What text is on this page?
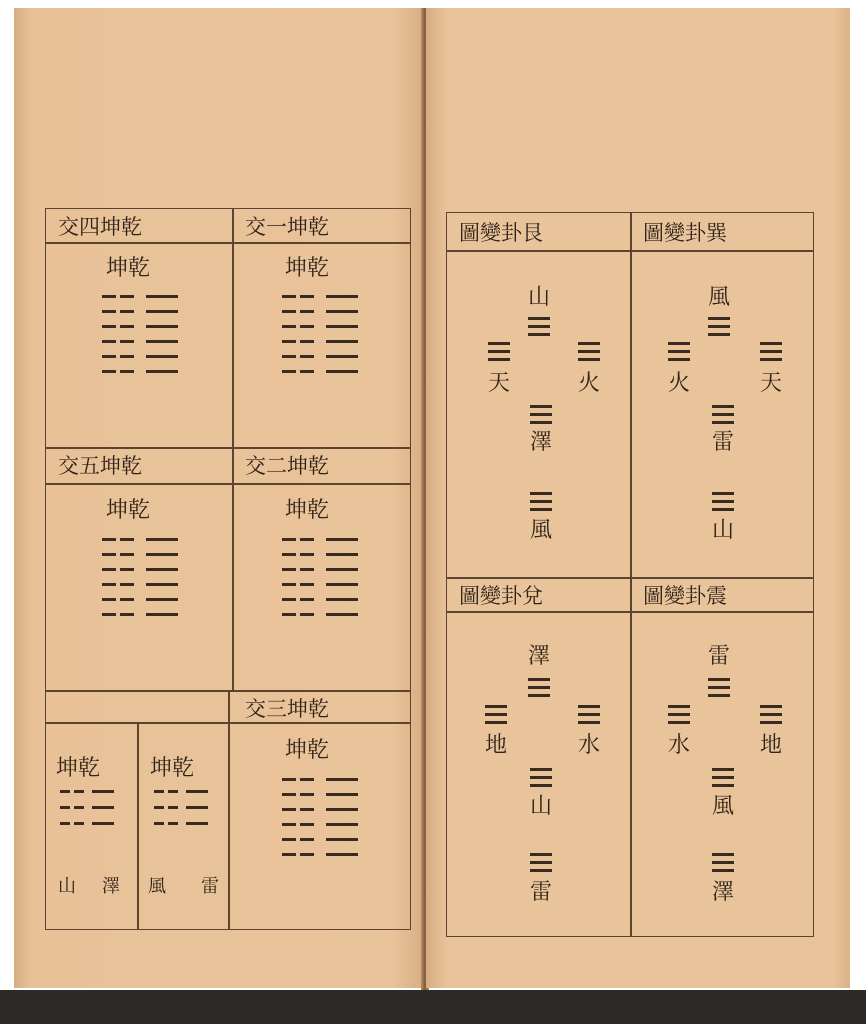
交四坤乾	交一坤乾
交五坤乾	交二坤乾
交三坤乾
坤乾	坤乾
坤乾	坤乾
坤乾
坤乾 坤乾
山 澤 風 雷
圖變卦艮	圖變卦巽
圖變卦兌	圖變卦震
山
天	火
澤
風
風
火	天
雷
山
澤
地	水
山
雷
雷
水	地
風
澤
